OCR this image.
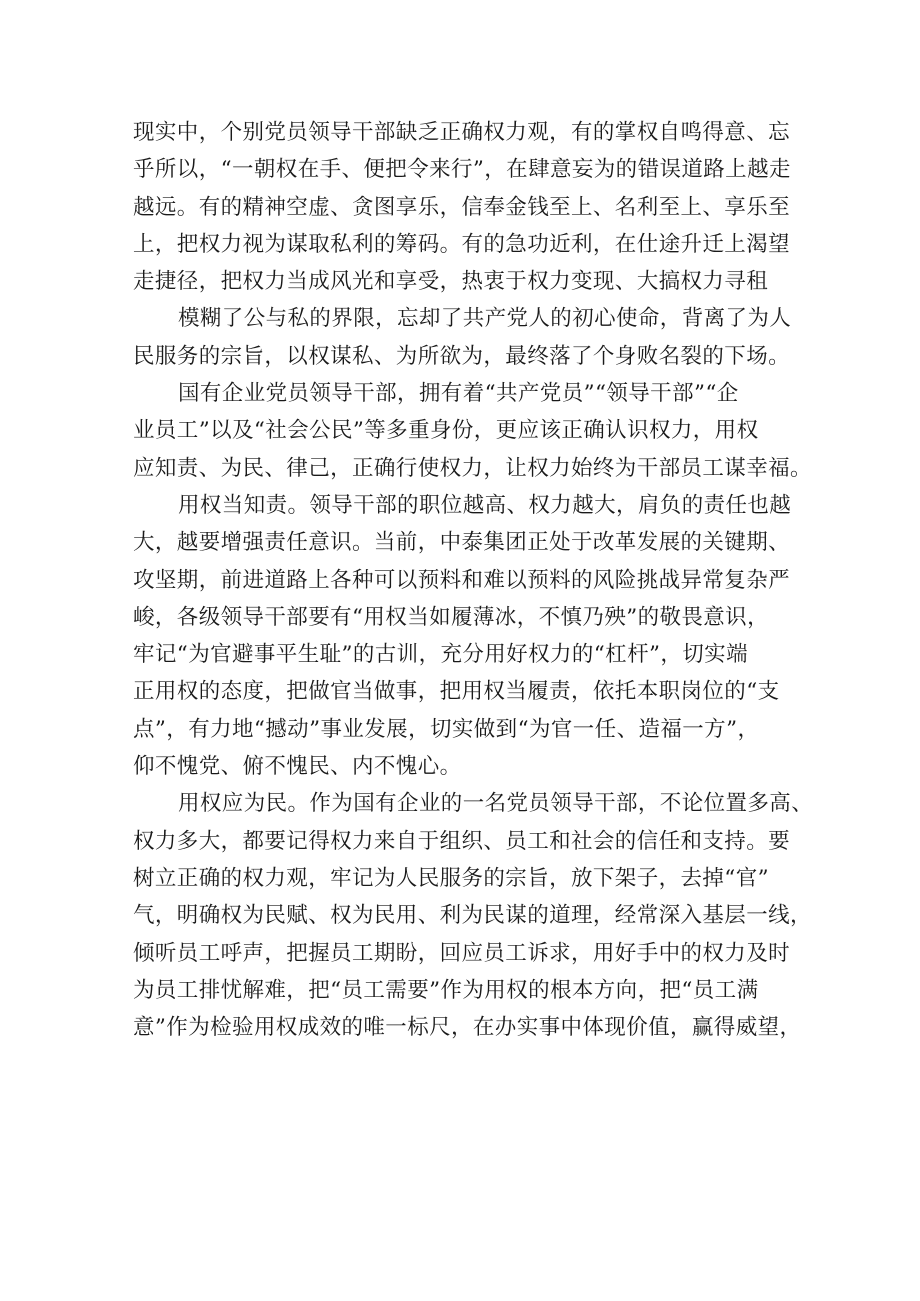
现实中，个别党员领导干部缺乏正确权力观，有的掌权自鸣得意、忘
乎所以，“一朝权在手、便把令来行”，在肆意妄为的错误道路上越走
越远。有的精神空虚、贪图享乐，信奉金钱至上、名利至上、享乐至
上，把权力视为谋取私利的筹码。有的急功近利，在仕途升迁上渴望
走捷径，把权力当成风光和享受，热衷于权力变现、大搞权力寻租
模糊了公与私的界限，忘却了共产党人的初心使命，背离了为人
民服务的宗旨，以权谋私、为所欲为，最终落了个身败名裂的下场。
国有企业党员领导干部，拥有着“共产党员”“领导干部”“企
业员工”以及“社会公民”等多重身份，更应该正确认识权力，用权
应知责、为民、律己，正确行使权力，让权力始终为干部员工谋幸福。
用权当知责。领导干部的职位越高、权力越大，肩负的责任也越
大，越要增强责任意识。当前，中泰集团正处于改革发展的关键期、
攻坚期，前进道路上各种可以预料和难以预料的风险挑战异常复杂严
峻，各级领导干部要有“用权当如履薄冰，不慎乃殃”的敬畏意识，
牢记“为官避事平生耻”的古训，充分用好权力的“杠杆”，切实端
正用权的态度，把做官当做事，把用权当履责，依托本职岗位的“支
点”，有力地“撼动”事业发展，切实做到“为官一任、造福一方”，
仰不愧党、俯不愧民、内不愧心。
用权应为民。作为国有企业的一名党员领导干部，不论位置多高、
权力多大，都要记得权力来自于组织、员工和社会的信任和支持。要
树立正确的权力观，牢记为人民服务的宗旨，放下架子，去掉“官”
气，明确权为民赋、权为民用、利为民谋的道理，经常深入基层一线，
倾听员工呼声，把握员工期盼，回应员工诉求，用好手中的权力及时
为员工排忧解难，把“员工需要”作为用权的根本方向，把“员工满
意”作为检验用权成效的唯一标尺，在办实事中体现价值，赢得威望，
